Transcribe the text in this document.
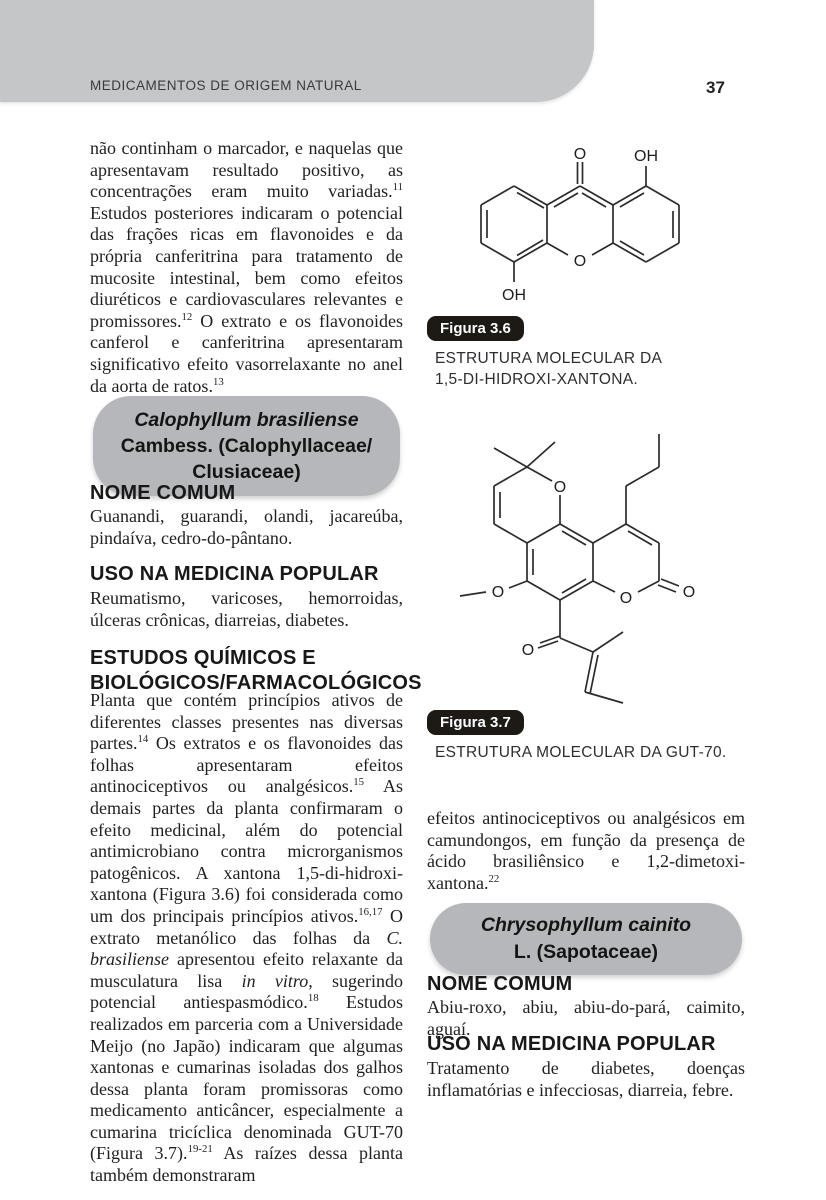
MEDICAMENTOS DE ORIGEM NATURAL	37
não continham o marcador, e naquelas que apresentavam resultado positivo, as concentrações eram muito variadas.$^{11}$ Estudos posteriores indicaram o potencial das frações ricas em flavonoides e da própria canferitrina para tratamento de mucosite intestinal, bem como efeitos diuréticos e cardiovasculares relevantes e promissores.$^{12}$ O extrato e os flavonoides canferol e canferitrina apresentaram significativo efeito vasorrelaxante no anel da aorta de ratos.$^{13}$
Calophyllum brasiliense
Cambess. (Calophyllaceae/
Clusiaceae)
NOME COMUM
Guanandi, guarandi, olandi, jacareúba, pindaíva, cedro-do-pântano.
USO NA MEDICINA POPULAR
Reumatismo, varicoses, hemorroidas, úlceras crônicas, diarreias, diabetes.
ESTUDOS QUÍMICOS E BIOLÓGICOS/FARMACOLÓGICOS
Planta que contém princípios ativos de diferentes classes presentes nas diversas partes.$^{14}$ Os extratos e os flavonoides das folhas apresentaram efeitos antinociceptivos ou analgésicos.$^{15}$ As demais partes da planta confirmaram o efeito medicinal, além do potencial antimicrobiano contra microrganismos patogênicos. A xantona 1,5-di-hidroxi-xantona (Figura 3.6) foi considerada como um dos principais princípios ativos.$^{16,17}$ O extrato metanólico das folhas da C. brasiliense apresentou efeito relaxante da musculatura lisa in vitro, sugerindo potencial antiespasmódico.$^{18}$ Estudos realizados em parceria com a Universidade Meijo (no Japão) indicaram que algumas xantonas e cumarinas isoladas dos galhos dessa planta foram promissoras como medicamento anticâncer, especialmente a cumarina tricíclica denominada GUT-70 (Figura 3.7).$^{19-21}$ As raízes dessa planta também demonstraram
O	OH
O
OH
Figura 3.6
ESTRUTURA MOLECULAR DA
1,5-DI-HIDROXI-XANTONA.
O
O	O	O
O
Figura 3.7
ESTRUTURA MOLECULAR DA GUT-70.
efeitos antinociceptivos ou analgésicos em camundongos, em função da presença de ácido brasiliênsico e 1,2-dimetoxi-xantona.$^{22}$
Chrysophyllum cainito
L. (Sapotaceae)
NOME COMUM
Abiu-roxo, abiu, abiu-do-pará, caimito, aguaí.
USO NA MEDICINA POPULAR
Tratamento de diabetes, doenças inflamatórias e infecciosas, diarreia, febre.
